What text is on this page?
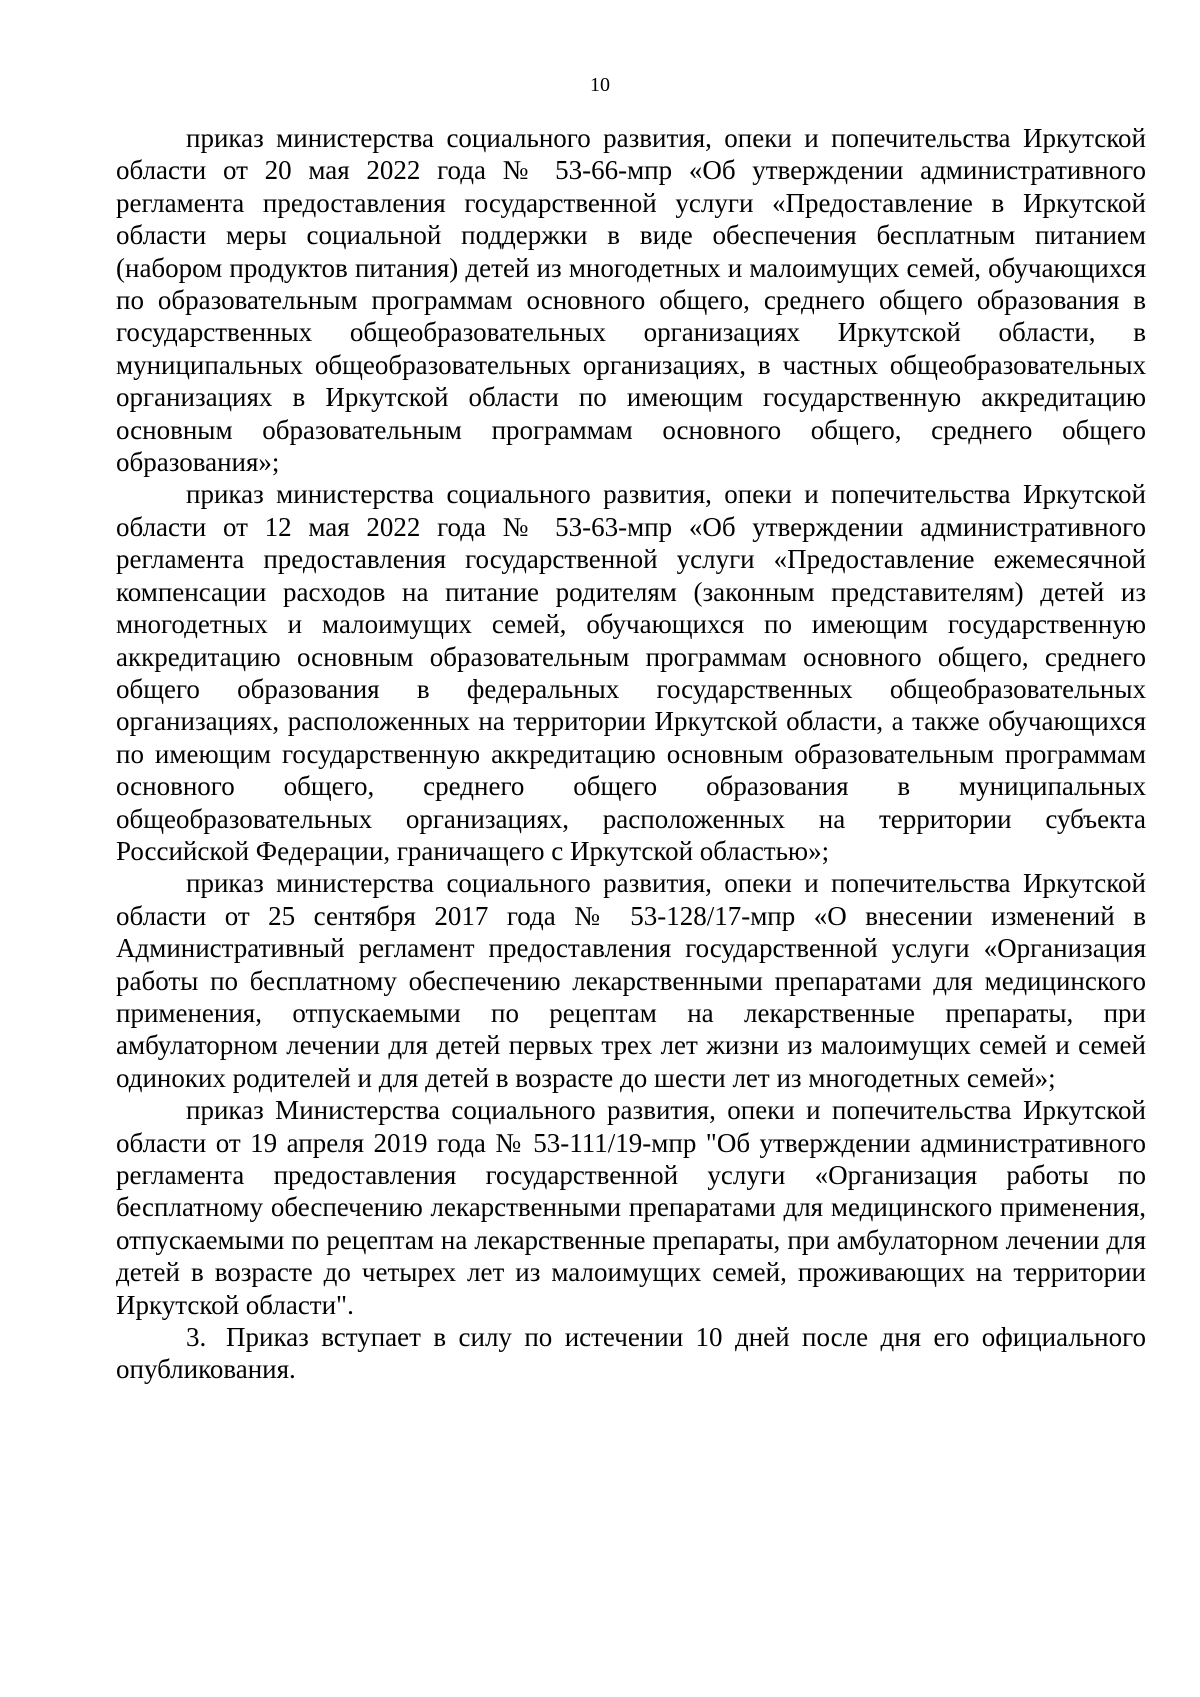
10

приказ министерства социального развития, опеки и попечительства Иркутской области от 20 мая 2022 года № 53-66-мпр «Об утверждении административного регламента предоставления государственной услуги «Предоставление в Иркутской области меры социальной поддержки в виде обеспечения бесплатным питанием (набором продуктов питания) детей из многодетных и малоимущих семей, обучающихся по образовательным программам основного общего, среднего общего образования в государственных общеобразовательных организациях Иркутской области, в муниципальных общеобразовательных организациях, в частных общеобразовательных организациях в Иркутской области по имеющим государственную аккредитацию основным образовательным программам основного общего, среднего общего образования»;

приказ министерства социального развития, опеки и попечительства Иркутской области от 12 мая 2022 года № 53-63-мпр «Об утверждении административного регламента предоставления государственной услуги «Предоставление ежемесячной компенсации расходов на питание родителям (законным представителям) детей из многодетных и малоимущих семей, обучающихся по имеющим государственную аккредитацию основным образовательным программам основного общего, среднего общего образования в федеральных государственных общеобразовательных организациях, расположенных на территории Иркутской области, а также обучающихся по имеющим государственную аккредитацию основным образовательным программам основного общего, среднего общего образования в муниципальных общеобразовательных организациях, расположенных на территории субъекта Российской Федерации, граничащего с Иркутской областью»;

приказ министерства социального развития, опеки и попечительства Иркутской области от 25 сентября 2017 года № 53-128/17-мпр «О внесении изменений в Административный регламент предоставления государственной услуги «Организация работы по бесплатному обеспечению лекарственными препаратами для медицинского применения, отпускаемыми по рецептам на лекарственные препараты, при амбулаторном лечении для детей первых трех лет жизни из малоимущих семей и семей одиноких родителей и для детей в возрасте до шести лет из многодетных семей»;

приказ Министерства социального развития, опеки и попечительства Иркутской области от 19 апреля 2019 года № 53-111/19-мпр "Об утверждении административного регламента предоставления государственной услуги «Организация работы по бесплатному обеспечению лекарственными препаратами для медицинского применения, отпускаемыми по рецептам на лекарственные препараты, при амбулаторном лечении для детей в возрасте до четырех лет из малоимущих семей, проживающих на территории Иркутской области".

3. Приказ вступает в силу по истечении 10 дней после дня его официального опубликования.
